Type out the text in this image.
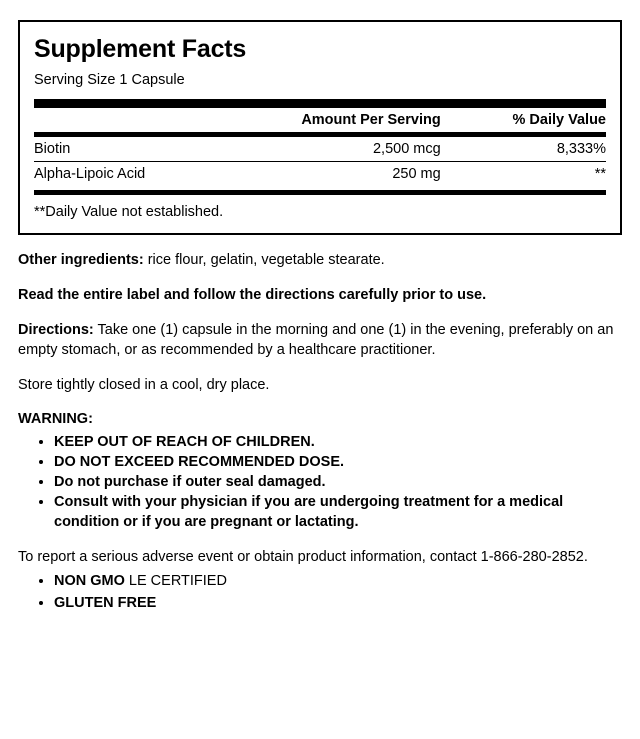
Supplement Facts
Serving Size 1 Capsule
	Amount Per Serving	% Daily Value
Biotin	2,500 mcg	8,333%
Alpha-Lipoic Acid	250 mg	**
**Daily Value not established.

Other ingredients: rice flour, gelatin, vegetable stearate.

Read the entire label and follow the directions carefully prior to use.

Directions: Take one (1) capsule in the morning and one (1) in the evening, preferably on an empty stomach, or as recommended by a healthcare practitioner.

Store tightly closed in a cool, dry place.

WARNING:
• KEEP OUT OF REACH OF CHILDREN.
• DO NOT EXCEED RECOMMENDED DOSE.
• Do not purchase if outer seal damaged.
• Consult with your physician if you are undergoing treatment for a medical condition or if you are pregnant or lactating.

To report a serious adverse event or obtain product information, contact 1-866-280-2852.

• NON GMO LE CERTIFIED
• GLUTEN FREE
